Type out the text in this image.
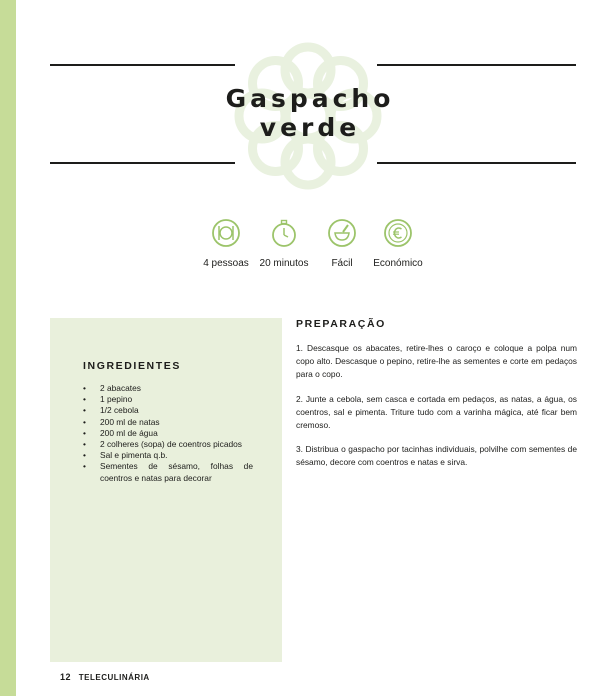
Gaspacho
verde
4 pessoas	20 minutos	Fácil	Económico
INGREDIENTES
• 2 abacates
• 1 pepino
• 1/2 cebola
• 200 ml de natas
• 200 ml de água
• 2 colheres (sopa) de coentros picados
• Sal e pimenta q.b.
• Sementes de sésamo, folhas de coentros e natas para decorar
PREPARAÇÃO

1. Descasque os abacates, retire-lhes o caroço e coloque a polpa num copo alto. Descasque o pepino, retire-lhe as sementes e corte em pedaços para o copo.

2. Junte a cebola, sem casca e cortada em pedaços, as natas, a água, os coentros, sal e pimenta. Triture tudo com a varinha mágica, até ficar bem cremoso.

3. Distribua o gaspacho por tacinhas individuais, polvilhe com sementes de sésamo, decore com coentros e natas e sirva.

12 TELECULINÁRIA
